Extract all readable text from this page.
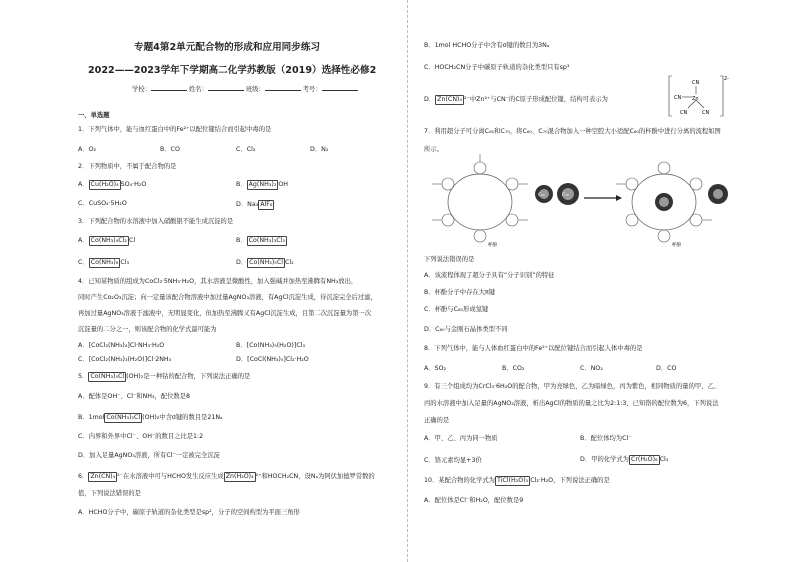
专题4第2单元配合物的形成和应用同步练习
2022——2023学年下学期高二化学苏教版（2019）选择性必修2
学校：	姓名：	班级：	考号：
一、单选题
1．下列气体中，能与血红蛋白中的Fe²⁺以配位键结合而引起中毒的是
A．O₂	B．CO	C．Cl₂	D．N₂
2．下列物质中，不属于配合物的是
A． Cu(H₂O)₄ SO₄·H₂O	B． Ag(NH₃)₂ OH
C．CuSO₄·5H₂O	D．Na₃ AlF₆
3．下列配合物的水溶液中加入硝酸银不能生成沉淀的是
A． Co(NH₃)₄Cl₂ Cl	B． Co(NH₃)₃Cl₃
C． Co(NH₃)₆ Cl₃	D． Co(NH₃)₅Cl Cl₂
4．已知某物质的组成为CoCl₃·5NH₃·H₂O，其水溶液呈微酸性，加入强碱并加热至沸腾有NH₃放出，
同时产生Co₂O₃沉淀；向一定量该配合物溶液中加过量AgNO₃溶液，有AgCl沉淀生成，待沉淀完全后过滤，
再加过量AgNO₃溶液于滤液中，无明显变化，但加热至沸腾又有AgCl沉淀生成，且第二次沉淀量为第一次
沉淀量的二分之一，则该配合物的化学式最可能为
A．[CoCl₂(NH₃)₄]Cl·NH₃·H₂O	B．[Co(NH₃)₅(H₂O)]Cl₃
C．[CoCl₂(NH₃)₃(H₂O)]Cl·2NH₃	D．[CoCl(NH₃)₅]Cl₂·H₂O
5． Co(NH₃)₅Cl (OH)₂是一种钴的配合物，下列说法正确的是
A．配体是OH⁻、Cl⁻和NH₃，配位数是8
B．1mol Co(NH₃)₅Cl (OH)₂中含σ键的数目是21Nₐ
C．内界和外界中Cl⁻、OH⁻的数目之比是1:2
D．加入足量AgNO₃溶液，所有Cl⁻一定被完全沉淀
6． Zn(CN)₄ ²⁻在水溶液中可与HCHO发生反应生成 Zn(H₂O)₄ ²⁺和HOCH₂CN，设Nₐ为阿伏加德罗常数的
值，下列说法错误的是
A．HCHO分子中，碳原子轨道的杂化类型是sp²，分子的空间构型为平面三角形
B．1mol HCHO分子中含有σ键的数目为3Nₐ
C．HOCH₂CN分子中碳原子轨道的杂化类型只有sp³
D． Zn(CN)₄ ²⁻中Zn²⁺与CN⁻的C原子形成配位键，结构可表示为
CN
CN Zn
CN	CN
2-
7．利用超分子可分离C₆₀和C₇₀，将C₆₀、C₇₀混合物加入一种空腔大小适配C₆₀的杯酚中进行分离的流程如图
所示。
杯酚
C₆₀	C₇₀
杯酚
下列说法错误的是
A．该流程体现了超分子具有“分子识别”的特征
B．杯酚分子中存在大π键
C．杯酚与C₆₀形成氢键
D．C₆₀与金刚石晶体类型不同
8．下列气体中，能与人体血红蛋白中的Fe²⁺以配位键结合而引起人体中毒的是
A．SO₂	B．CO₂	C．NO₂	D．CO
9．有三个组成均为CrCl₃·6H₂O的配合物，甲为亮绿色，乙为暗绿色，丙为紫色，相同物质的量的甲、乙、
丙的水溶液中加入足量的AgNO₃溶液，析出AgCl的物质的量之比为2:1:3，已知铬的配位数为6，下列说法
正确的是
A．甲、乙、丙为同一物质	B．配位体均为Cl⁻
C．铬元素均显+3价	D．甲的化学式为 Cr(H₂O)₆ Cl₃
10．某配合物的化学式为 TiCl(H₂O)₅ Cl₂·H₂O，下列说法正确的是
A．配位体是Cl⁻和H₂O，配位数是9
